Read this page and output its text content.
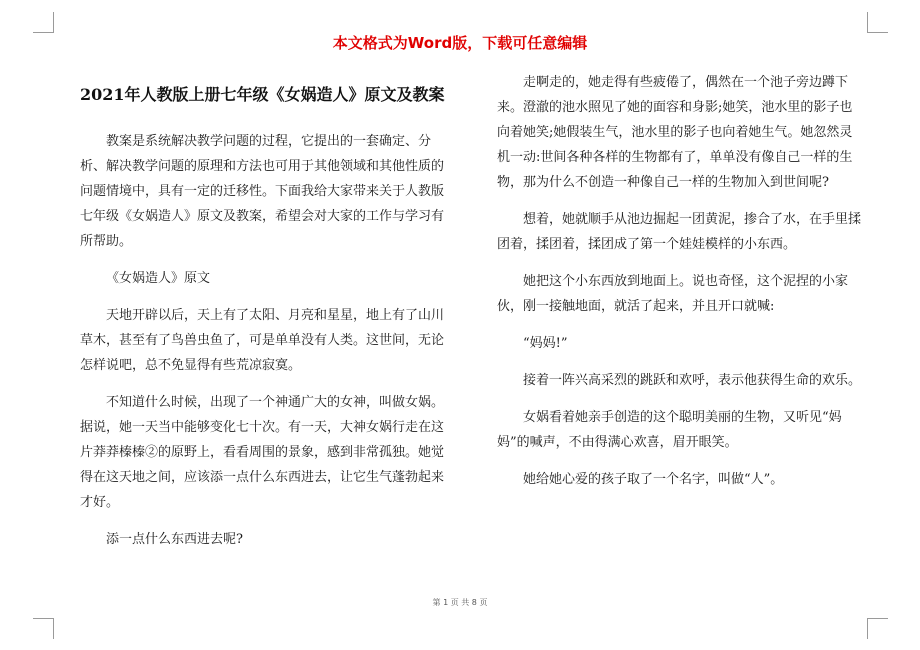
本文格式为Word版，下载可任意编辑
2021年人教版上册七年级《女娲造人》原文及教案

教案是系统解决教学问题的过程，它提出的一套确定、分析、解决教学问题的原理和方法也可用于其他领域和其他性质的问题情境中，具有一定的迁移性。下面我给大家带来关于人教版七年级《女娲造人》原文及教案，希望会对大家的工作与学习有所帮助。

《女娲造人》原文

天地开辟以后，天上有了太阳、月亮和星星，地上有了山川草木，甚至有了鸟兽虫鱼了，可是单单没有人类。这世间，无论怎样说吧，总不免显得有些荒凉寂寞。

不知道什么时候，出现了一个神通广大的女神，叫做女娲。据说，她一天当中能够变化七十次。有一天，大神女娲行走在这片莽莽榛榛②的原野上，看看周围的景象，感到非常孤独。她觉得在这天地之间，应该添一点什么东西进去，让它生气蓬勃起来才好。

添一点什么东西进去呢?

走啊走的，她走得有些疲倦了，偶然在一个池子旁边蹲下来。澄澈的池水照见了她的面容和身影;她笑，池水里的影子也向着她笑;她假装生气，池水里的影子也向着她生气。她忽然灵机一动:世间各种各样的生物都有了，单单没有像自己一样的生物，那为什么不创造一种像自己一样的生物加入到世间呢?

想着，她就顺手从池边掘起一团黄泥，掺合了水，在手里揉团着，揉团着，揉团成了第一个娃娃模样的小东西。

她把这个小东西放到地面上。说也奇怪，这个泥捏的小家伙，刚一接触地面，就活了起来，并且开口就喊:

“妈妈!”

接着一阵兴高采烈的跳跃和欢呼，表示他获得生命的欢乐。

女娲看着她亲手创造的这个聪明美丽的生物，又听见“妈妈”的喊声，不由得满心欢喜，眉开眼笑。

她给她心爱的孩子取了一个名字，叫做“人”。

第 1 页 共 8 页
